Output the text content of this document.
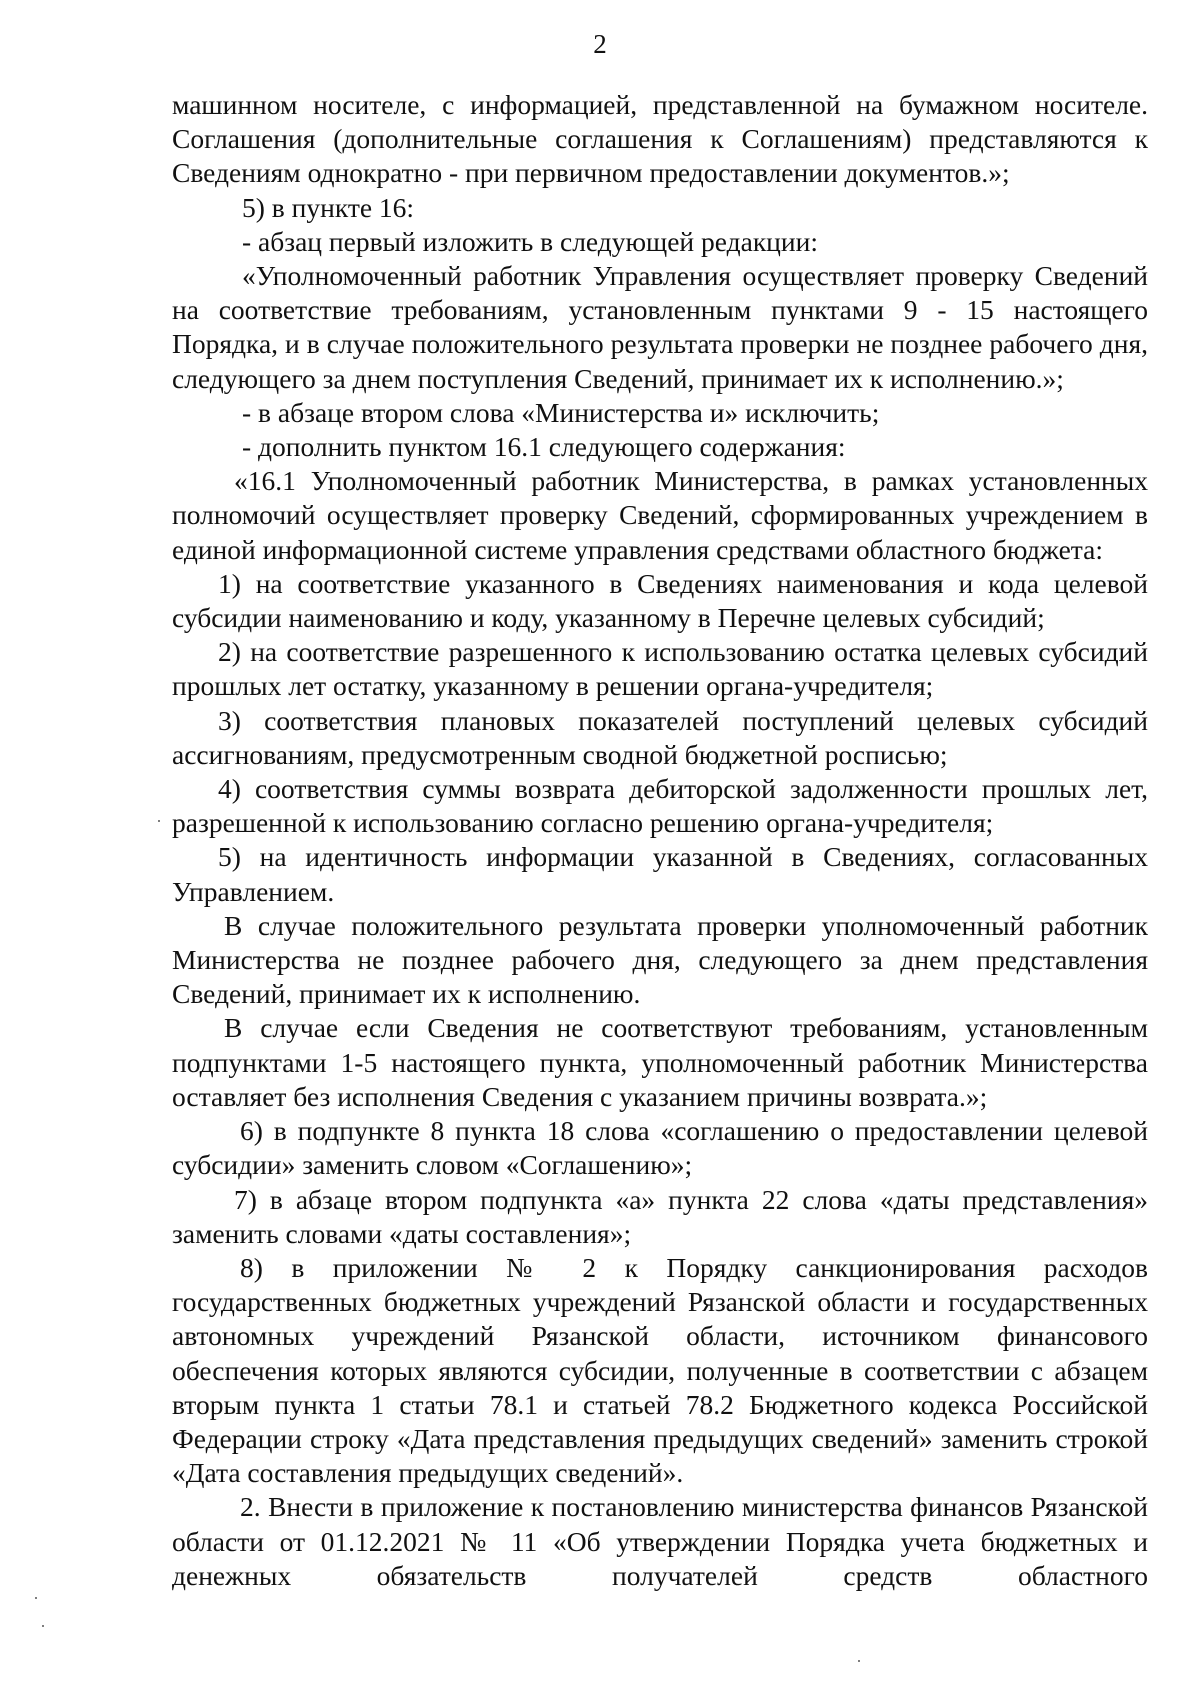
2

машинном носителе, с информацией, представленной на бумажном носителе. Соглашения (дополнительные соглашения к Соглашениям) представляются к Сведениям однократно - при первичном предоставлении документов.»;

5) в пункте 16:

- абзац первый изложить в следующей редакции:

«Уполномоченный работник Управления осуществляет проверку Сведений на соответствие требованиям, установленным пунктами 9 - 15 настоящего Порядка, и в случае положительного результата проверки не позднее рабочего дня, следующего за днем поступления Сведений, принимает их к исполнению.»;

- в абзаце втором слова «Министерства и» исключить;

- дополнить пунктом 16.1 следующего содержания:

«16.1 Уполномоченный работник Министерства, в рамках установленных полномочий осуществляет проверку Сведений, сформированных учреждением в единой информационной системе управления средствами областного бюджета:

1) на соответствие указанного в Сведениях наименования и кода целевой субсидии наименованию и коду, указанному в Перечне целевых субсидий;

2) на соответствие разрешенного к использованию остатка целевых субсидий прошлых лет остатку, указанному в решении органа-учредителя;

3) соответствия плановых показателей поступлений целевых субсидий ассигнованиям, предусмотренным сводной бюджетной росписью;

4) соответствия суммы возврата дебиторской задолженности прошлых лет, разрешенной к использованию согласно решению органа-учредителя;

5) на идентичность информации указанной в Сведениях, согласованных Управлением.

В случае положительного результата проверки уполномоченный работник Министерства не позднее рабочего дня, следующего за днем представления Сведений, принимает их к исполнению.

В случае если Сведения не соответствуют требованиям, установленным подпунктами 1-5 настоящего пункта, уполномоченный работник Министерства оставляет без исполнения Сведения с указанием причины возврата.»;

6) в подпункте 8 пункта 18 слова «соглашению о предоставлении целевой субсидии» заменить словом «Соглашению»;

7) в абзаце втором подпункта «а» пункта 22 слова «даты представления» заменить словами «даты составления»;

8) в приложении № 2 к Порядку санкционирования расходов государственных бюджетных учреждений Рязанской области и государственных автономных учреждений Рязанской области, источником финансового обеспечения которых являются субсидии, полученные в соответствии с абзацем вторым пункта 1 статьи 78.1 и статьей 78.2 Бюджетного кодекса Российской Федерации строку «Дата представления предыдущих сведений» заменить строкой «Дата составления предыдущих сведений».

2. Внести в приложение к постановлению министерства финансов Рязанской области от 01.12.2021 № 11 «Об утверждении Порядка учета бюджетных и денежных обязательств получателей средств областного
